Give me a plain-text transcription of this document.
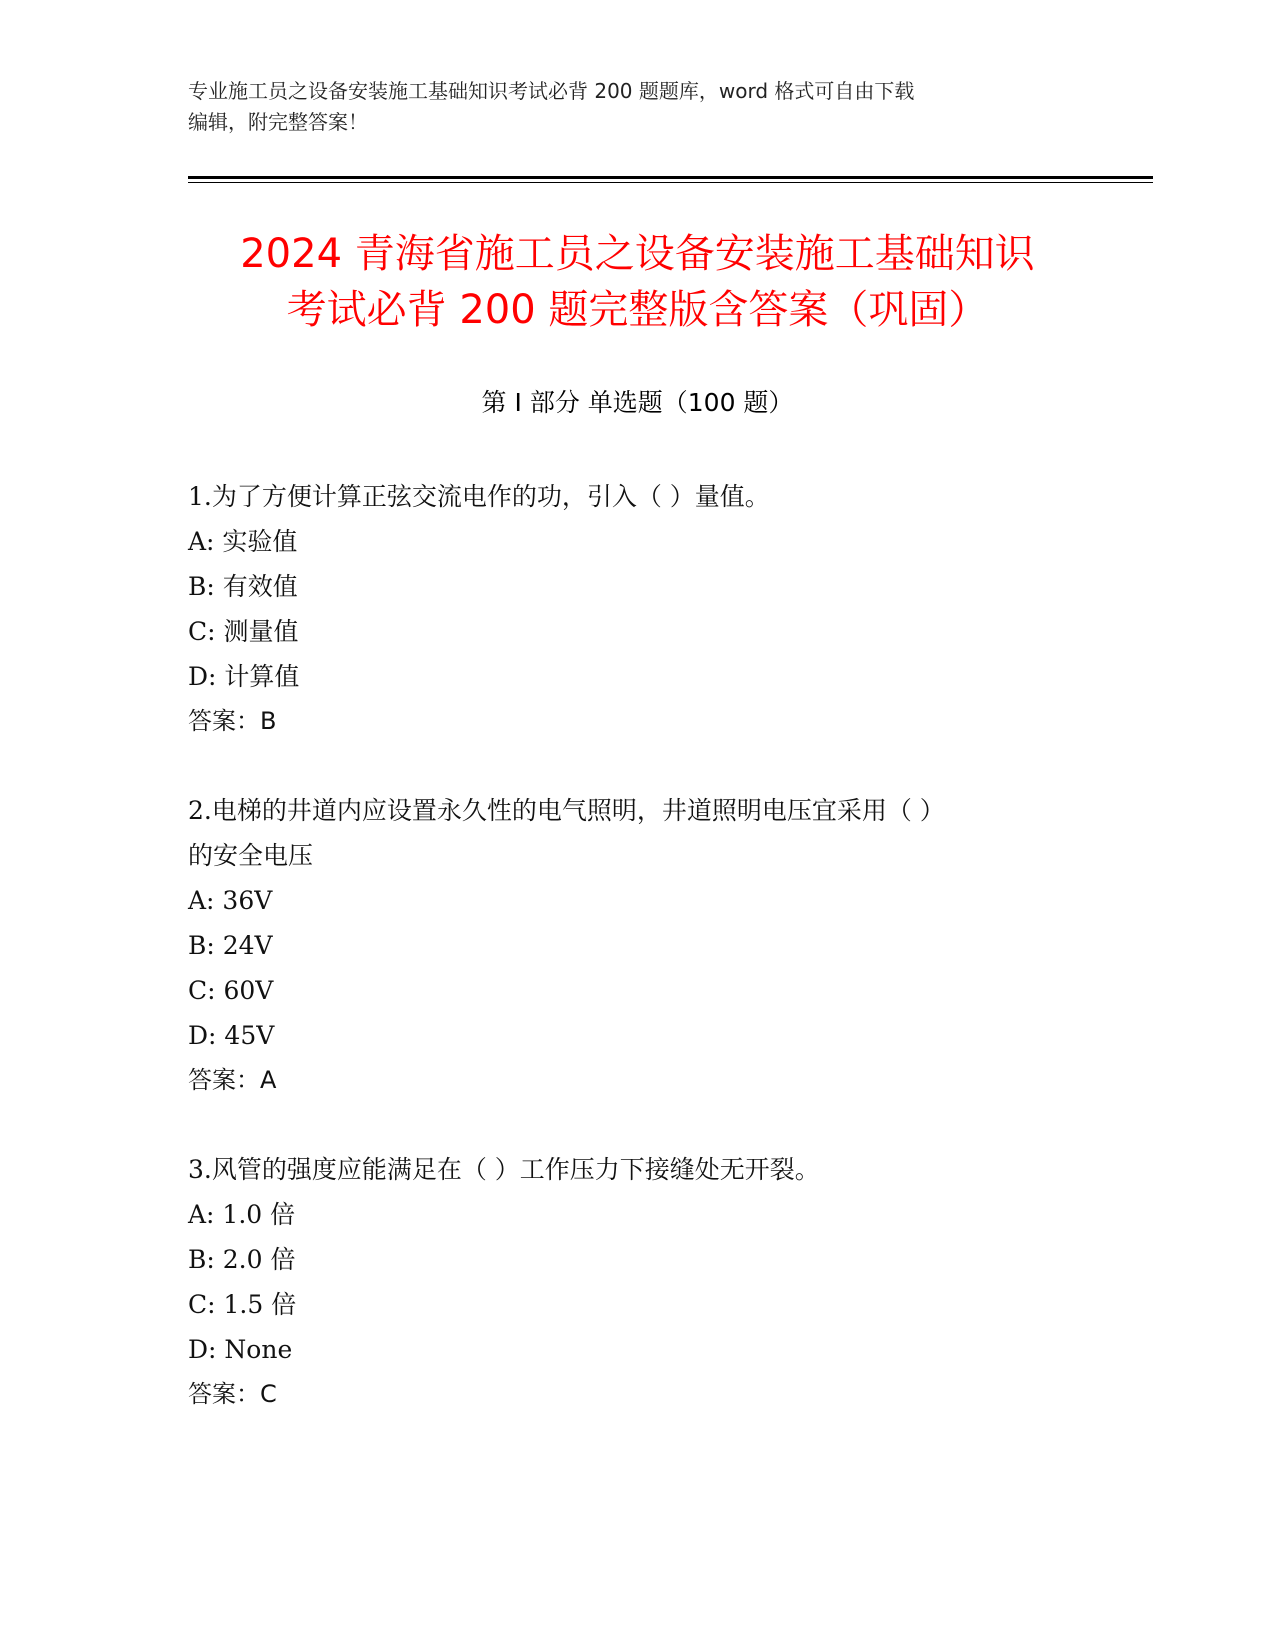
专业施工员之设备安装施工基础知识考试必背 200 题题库，word 格式可自由下载
编辑，附完整答案！
2024 青海省施工员之设备安装施工基础知识
考试必背 200 题完整版含答案（巩固）
第 I 部分 单选题（100 题）
1.为了方便计算正弦交流电作的功，引入（ ）量值。
A: 实验值
B: 有效值
C: 测量值
D: 计算值
答案：B
2.电梯的井道内应设置永久性的电气照明，井道照明电压宜采用（ ）
的安全电压
A: 36V
B: 24V
C: 60V
D: 45V
答案：A
3.风管的强度应能满足在（ ）工作压力下接缝处无开裂。
A: 1.0 倍
B: 2.0 倍
C: 1.5 倍
D: None
答案：C
